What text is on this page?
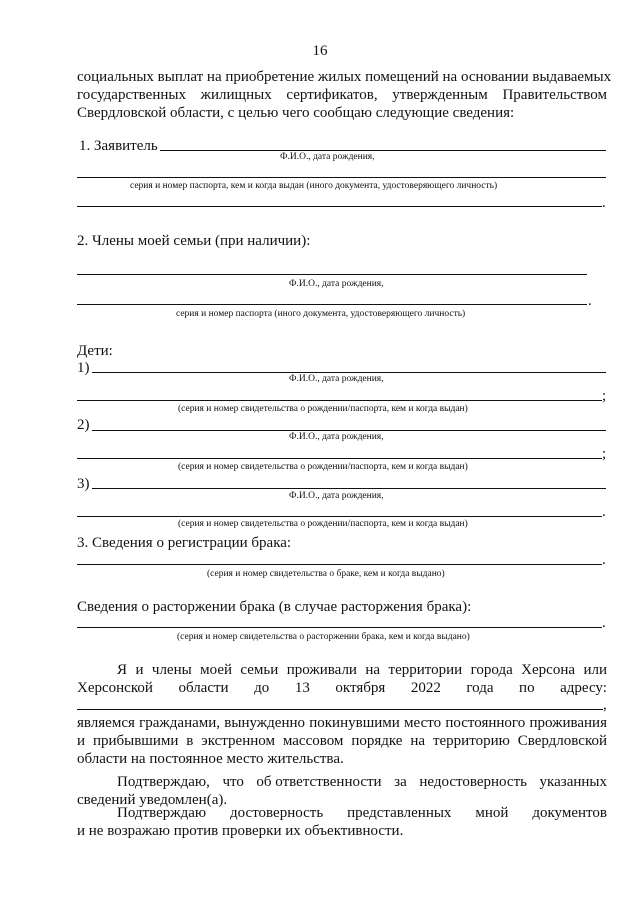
16
социальных выплат на приобретение жилых помещений на основании выдаваемых
государственных жилищных сертификатов, утвержденным Правительством
Свердловской области, с целью чего сообщаю следующие сведения:
1. Заявитель
Ф.И.О., дата рождения,
серия и номер паспорта, кем и когда выдан (иного документа, удостоверяющего личность)
.
2. Члены моей семьи (при наличии):
Ф.И.О., дата рождения,
.
серия и номер паспорта (иного документа, удостоверяющего личность)
Дети:
1)
Ф.И.О., дата рождения,
;
(серия и номер свидетельства о рождении/паспорта, кем и когда выдан)
2)
Ф.И.О., дата рождения,
;
(серия и номер свидетельства о рождении/паспорта, кем и когда выдан)
3)
Ф.И.О., дата рождения,
.
(серия и номер свидетельства о рождении/паспорта, кем и когда выдан)
3. Сведения о регистрации брака:
.
(серия и номер свидетельства о браке, кем и когда выдано)
Сведения о расторжении брака (в случае расторжения брака):
.
(серия и номер свидетельства о расторжении брака, кем и когда выдано)
Я и члены моей семьи проживали на территории города Херсона или
Херсонской области до 13 октября 2022 года по адресу:
,
являемся гражданами, вынужденно покинувшими место постоянного проживания
и прибывшими в экстренном массовом порядке на территорию Свердловской
области на постоянное место жительства.
Подтверждаю, что об ответственности за недостоверность указанных
сведений уведомлен(а).
Подтверждаю достоверность представленных мной документов
и не возражаю против проверки их объективности.
